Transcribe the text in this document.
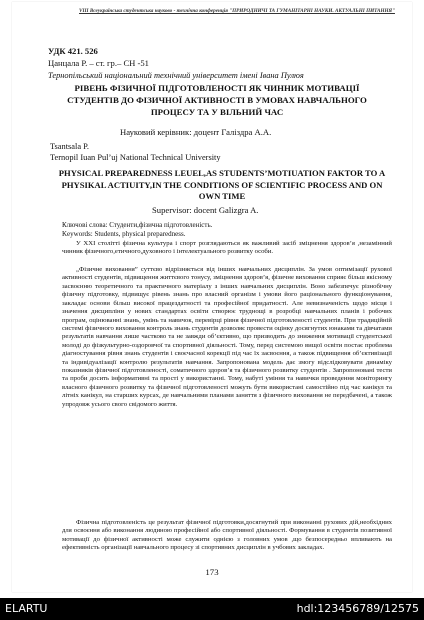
VIII Всеукраїнська студентська науково - технічна конференція "ПРИРОДНИЧІ ТА ГУМАНІТАРНІ НАУКИ. АКТУАЛЬНІ ПИТАННЯ"
УДК 421. 526
Цанцала Р. – ст. гр.– СН -51
Тернопільський національний технічний університет імені Івана Пулюя
РІВЕНЬ ФІЗИЧНОЇ ПІДГОТОВЛЕНОСТІ ЯК ЧИННИК МОТИВАЦІЇ СТУДЕНТІВ ДО ФІЗИЧНОЇ АКТИВНОСТІ В УМОВАХ НАВЧАЛЬНОГО ПРОЦЕСУ ТА У ВІЛЬНИЙ ЧАС
Науковий керівник: доцент Галіздра А.А.
Tsantsala P.
Ternopil Iuan Pul’uj National Technical University
PHYSICAL PREPAREDNESS LEUEL,AS STUDENTS’MOTIUATION FAKTOR TO A PHYSIKAL ACTIUITY,IN THE CONDITIONS OF SCIENTIFIC PROCESS AND ON OWN TIME
Supervisor: docent Galizgra A.
Ключові слова: Студенти,фізична підготовленість.
Keywords: Students, physical preparedness.

У XXI столітті фізична культура і спорт розглядаються як важливий засіб зміцнення здоров’я ,незамінний чинник фізичного,етичного,духовного і інтелектуального розвитку особи.

„Фізичне виховання” суттєво відрізняється від інших навчальних дисциплін. За умов оптимізації рухової активності студентів, підвищення життєвого тонусу, зміцнення здоров’я, фізичне виховання сприяє більш якісному засвоєнню теоретичного та практичного матеріалу з інших навчальних дисциплін. Воно забезпечує різнобічну фізичну підготовку, підвищує рівень знань про власний організм і умови його раціонального функціонування, закладає основи більш високої працездатності та професійної придатності. Але невизначеність щодо місця і значення дисципліни у нових стандартах освіти створює труднощі в розробці навчальних планів і робочих програм, оцінюванні знань, умінь та навичок, перевірці рівня фізичної підготовленості студентів. При традиційній системі фізичного виховання контроль знань студентів дозволяє провести оцінку досягнутих юнаками та дівчатами результатів навчання лише частково та не завжди об’єктивно, що призводить до зниження мотивації студентської молоді до фізкультурно-оздоровчої та спортивної діяльності. Тому, перед системою вищої освіти постає проблема діагностування рівня знань студентів і своєчасної корекції під час їх засвоєння, а також підвищення об’єктивізації та індивідуалізації контролю результатів навчання. Запропонована модель дає змогу відслідковувати динаміку показників фізичної підготовленості, соматичного здоров’я та фізичного розвитку студентів . Запропоновані тести та проби досить інформативні та прості у використанні. Тому, набуті уміння та навички проведення моніторингу власного фізичного розвитку та фізичної підготовленості можуть бути використані самостійно під час канікул та літніх канікул, на старших курсах, де навчальними планами заняття з фізичного виховання не передбачені, а також упродовж усього свого свідомого життя.

Фізична підготовленість це результат фізичної підготовки,досягнутий при виконанні рухових дій,необхідних для освоєння або виконання людиною професійної або спортивної діяльності. Формування в студентів позитивної мотивації до фізичної активності може служити однією з головних умов ,що безпосередньо впливають на ефективність організації навчального процесу зі спортивних дисциплін в учбових закладах.

173
ELARTU	hdl:123456789/12575
